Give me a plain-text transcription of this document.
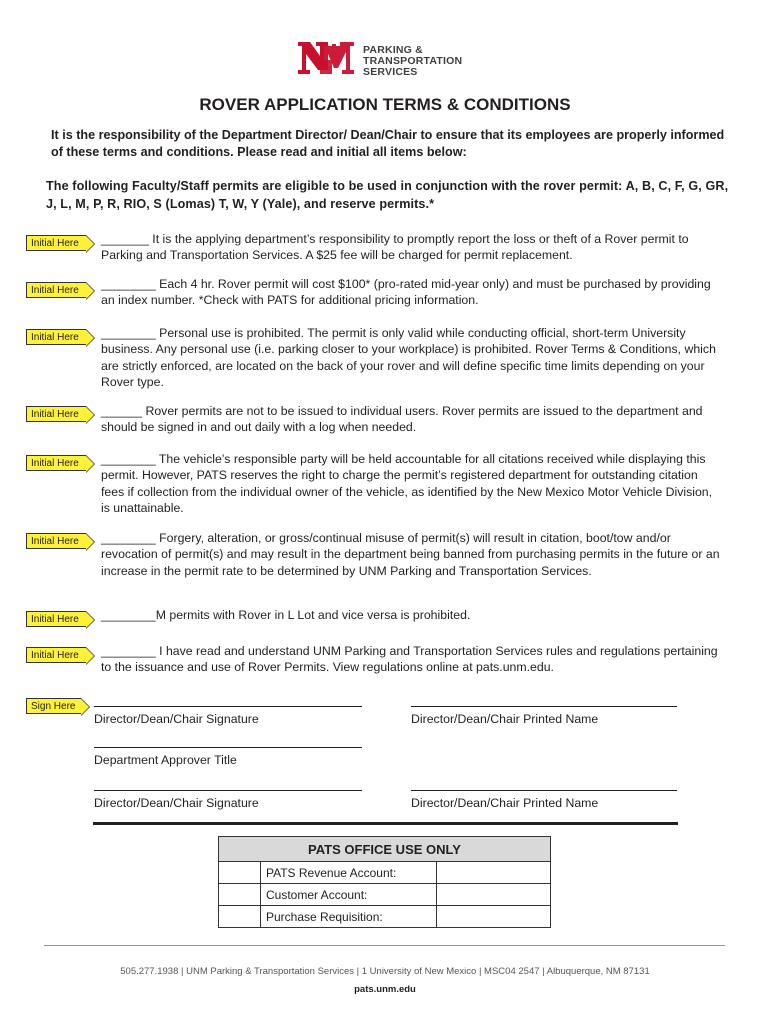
PARKING &
TRANSPORTATION
SERVICES
ROVER APPLICATION TERMS & CONDITIONS
It is the responsibility of the Department Director/ Dean/Chair to ensure that its employees are properly informed of these terms and conditions. Please read and initial all items below:
The following Faculty/Staff permits are eligible to be used in conjunction with the rover permit: A, B, C, F, G, GR, J, L, M, P, R, RIO, S (Lomas) T, W, Y (Yale), and reserve permits.*
Initial Here	_______ It is the applying department’s responsibility to promptly report the loss or theft of a Rover permit to Parking and Transportation Services. A $25 fee will be charged for permit replacement.
Initial Here	________ Each 4 hr. Rover permit will cost $100* (pro-rated mid-year only) and must be purchased by providing an index number. *Check with PATS for additional pricing information.
Initial Here	________ Personal use is prohibited. The permit is only valid while conducting official, short-term University business. Any personal use (i.e. parking closer to your workplace) is prohibited. Rover Terms & Conditions, which are strictly enforced, are located on the back of your rover and will define specific time limits depending on your Rover type.
Initial Here	______ Rover permits are not to be issued to individual users. Rover permits are issued to the department and should be signed in and out daily with a log when needed.
Initial Here	________ The vehicle’s responsible party will be held accountable for all citations received while displaying this permit. However, PATS reserves the right to charge the permit’s registered department for outstanding citation fees if collection from the individual owner of the vehicle, as identified by the New Mexico Motor Vehicle Division, is unattainable.
Initial Here	________ Forgery, alteration, or gross/continual misuse of permit(s) will result in citation, boot/tow and/or revocation of permit(s) and may result in the department being banned from purchasing permits in the future or an increase in the permit rate to be determined by UNM Parking and Transportation Services.
Initial Here	________M permits with Rover in L Lot and vice versa is prohibited.
Initial Here	________ I have read and understand UNM Parking and Transportation Services rules and regulations pertaining to the issuance and use of Rover Permits. View regulations online at pats.unm.edu.
Sign Here
Director/Dean/Chair Signature	Director/Dean/Chair Printed Name
Department Approver Title
Director/Dean/Chair Signature	Director/Dean/Chair Printed Name
PATS OFFICE USE ONLY		
	PATS Revenue Account:	
	Customer Account:	
	Purchase Requisition:	
505.277.1938 | UNM Parking & Transportation Services | 1 University of New Mexico | MSC04 2547 | Albuquerque, NM 87131
pats.unm.edu
